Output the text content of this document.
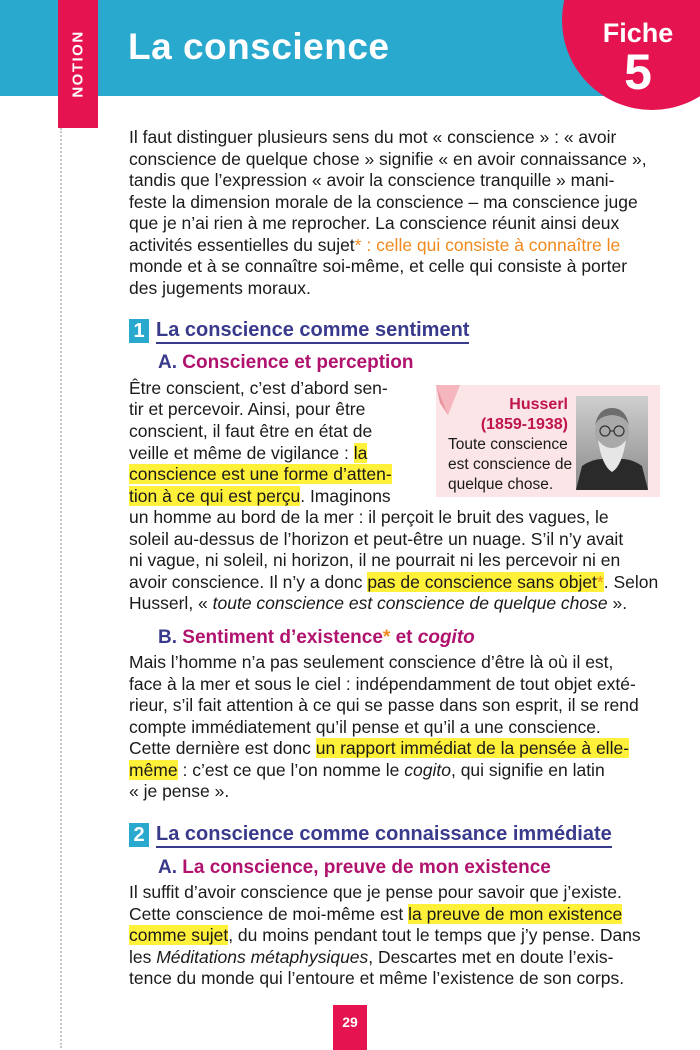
La conscience
NOTION	Fiche
5
Il faut distinguer plusieurs sens du mot « conscience » : « avoir
conscience de quelque chose » signifie « en avoir connaissance »,
tandis que l’expression « avoir la conscience tranquille » mani-
feste la dimension morale de la conscience – ma conscience juge
que je n’ai rien à me reprocher. La conscience réunit ainsi deux
activités essentielles du sujet* : celle qui consiste à connaître le
monde et à se connaître soi-même, et celle qui consiste à porter
des jugements moraux.
1 La conscience comme sentiment
A. Conscience et perception
Être conscient, c’est d’abord sen-
tir et percevoir. Ainsi, pour être
conscient, il faut être en état de
veille et même de vigilance : la
conscience est une forme d’atten-
tion à ce qui est perçu. Imaginons
un homme au bord de la mer : il perçoit le bruit des vagues, le
soleil au-dessus de l’horizon et peut-être un nuage. S’il n’y avait
ni vague, ni soleil, ni horizon, il ne pourrait ni les percevoir ni en
avoir conscience. Il n’y a donc pas de conscience sans objet*. Selon
Husserl, « toute conscience est conscience de quelque chose ».
Husserl
(1859-1938)
Toute conscience
est conscience de
quelque chose.
B. Sentiment d’existence* et cogito
Mais l’homme n’a pas seulement conscience d’être là où il est,
face à la mer et sous le ciel : indépendamment de tout objet exté-
rieur, s’il fait attention à ce qui se passe dans son esprit, il se rend
compte immédiatement qu’il pense et qu’il a une conscience.
Cette dernière est donc un rapport immédiat de la pensée à elle-
même : c’est ce que l’on nomme le cogito, qui signifie en latin
« je pense ».
2 La conscience comme connaissance immédiate
A. La conscience, preuve de mon existence
Il suffit d’avoir conscience que je pense pour savoir que j’existe.
Cette conscience de moi-même est la preuve de mon existence
comme sujet, du moins pendant tout le temps que j’y pense. Dans
les Méditations métaphysiques, Descartes met en doute l’exis-
tence du monde qui l’entoure et même l’existence de son corps.
29
